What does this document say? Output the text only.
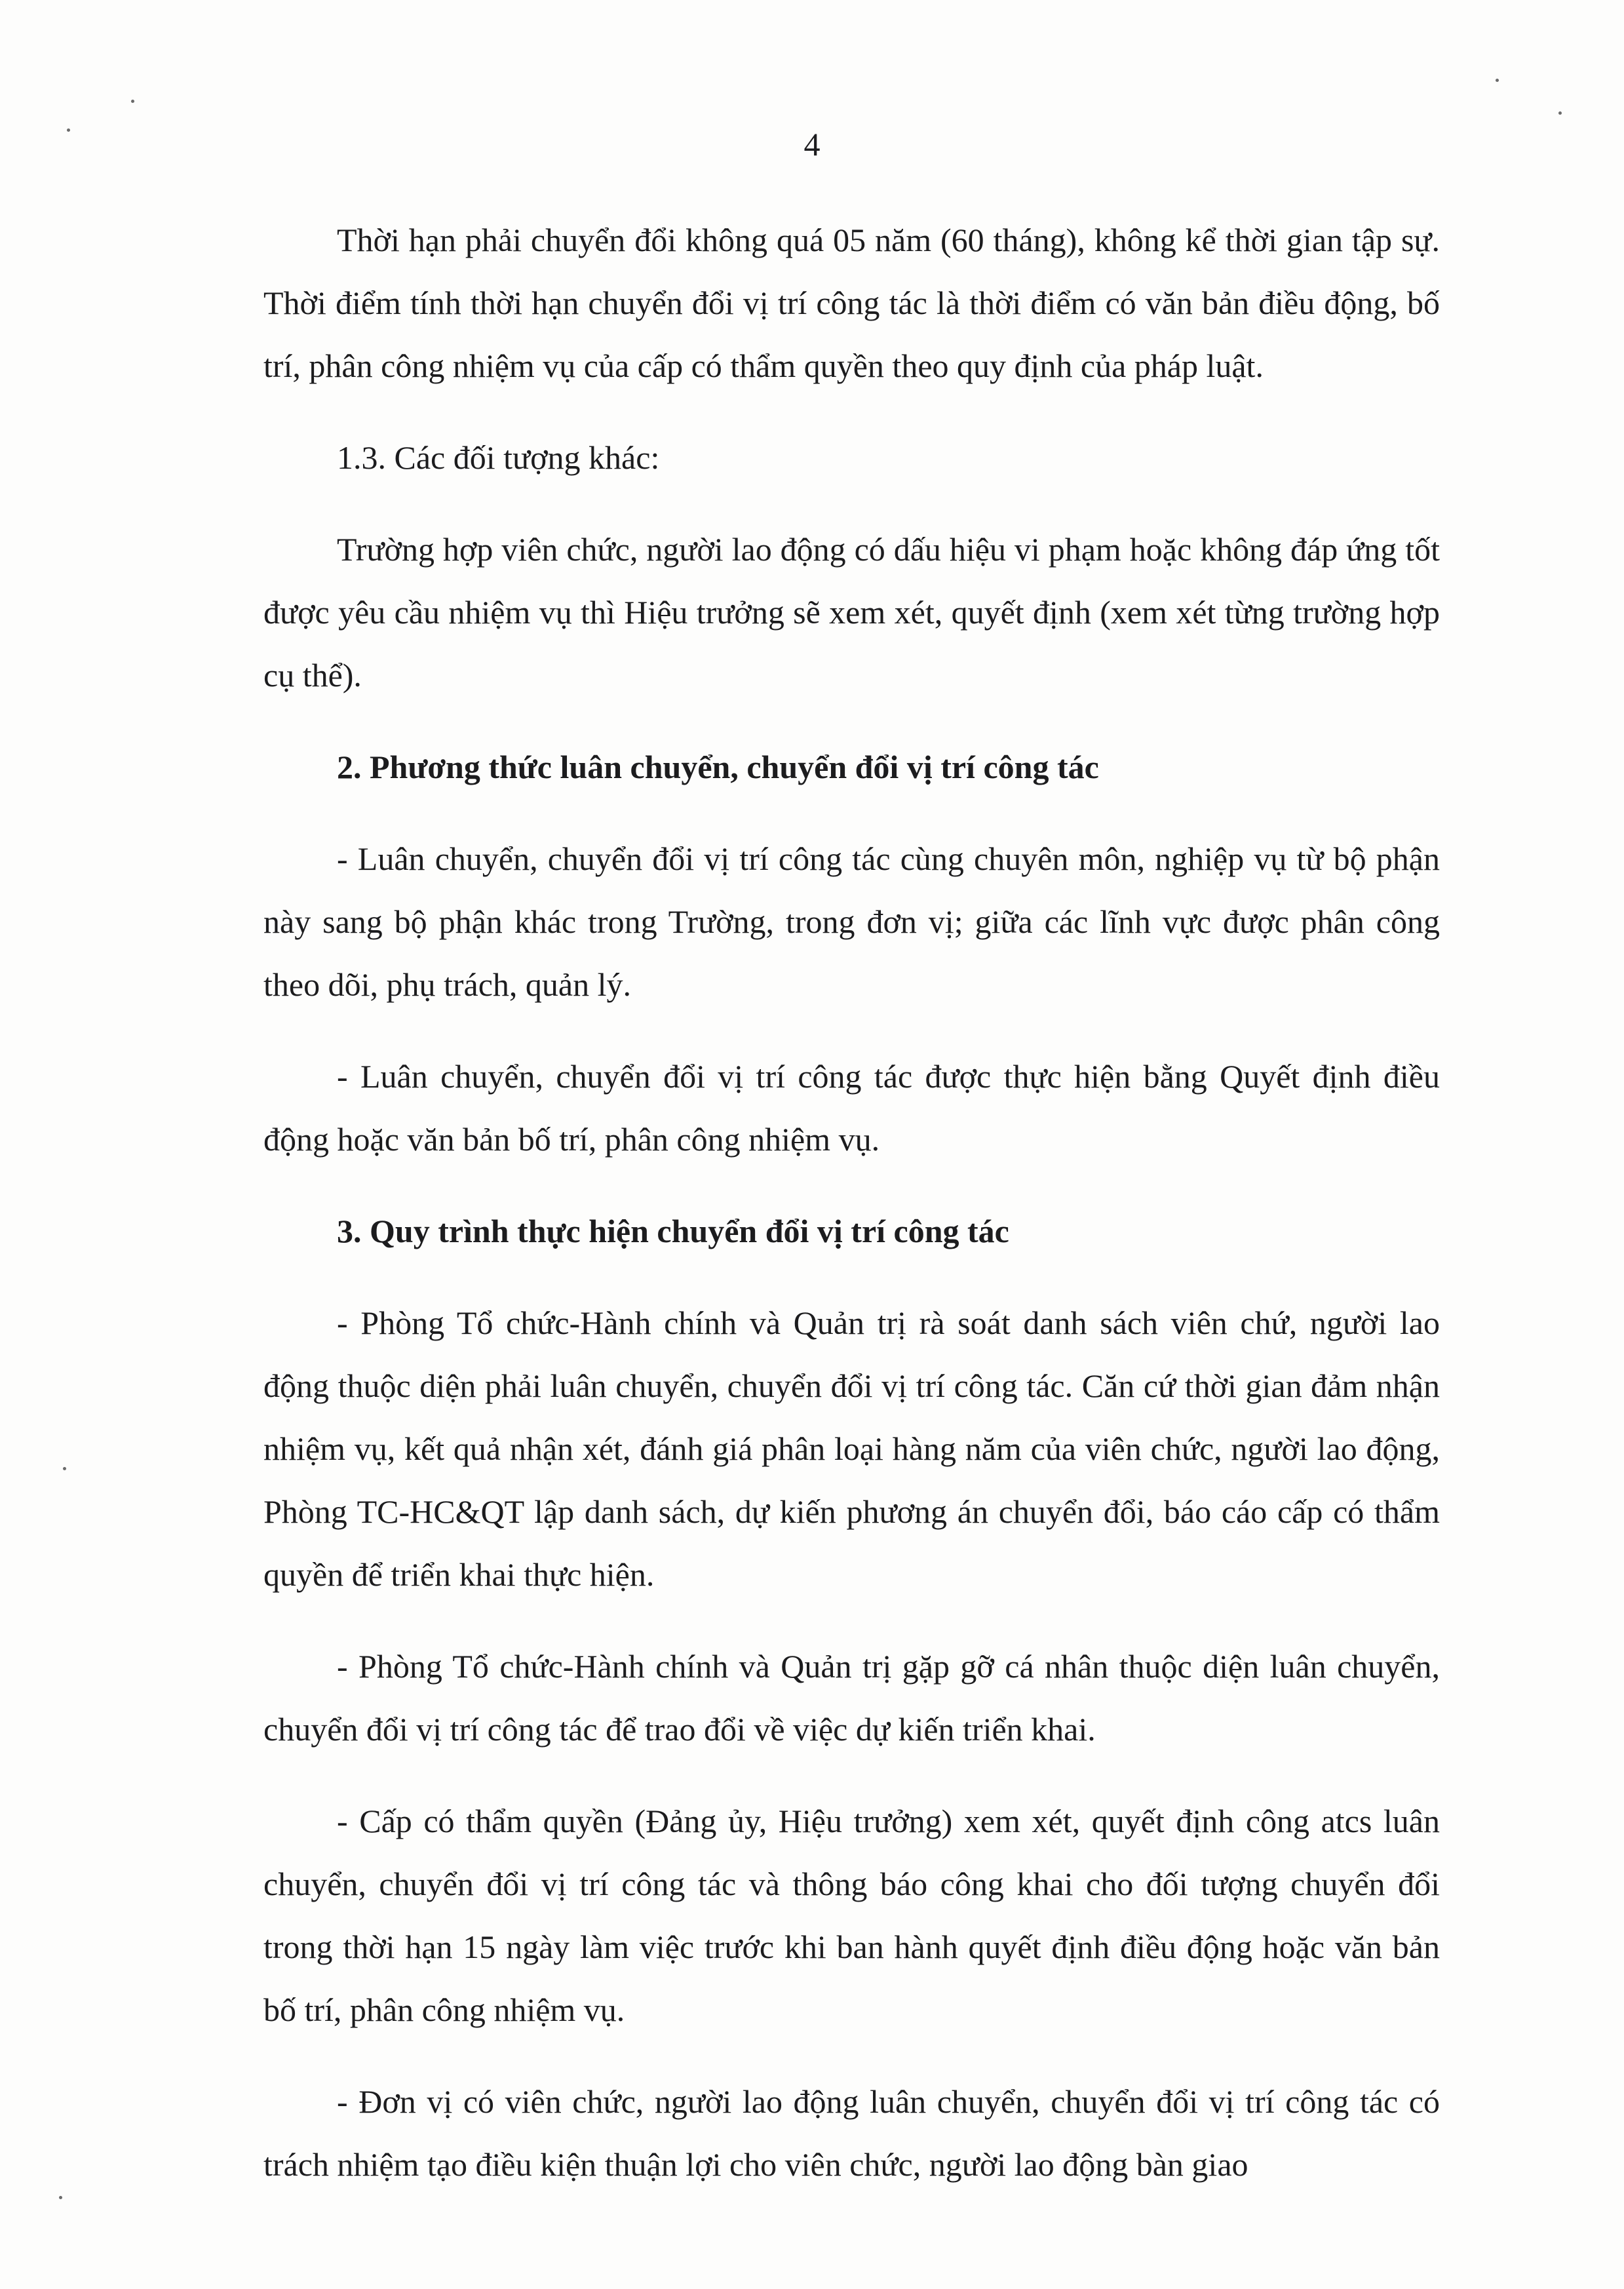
4

Thời hạn phải chuyển đổi không quá 05 năm (60 tháng), không kể thời gian tập sự. Thời điểm tính thời hạn chuyển đổi vị trí công tác là thời điểm có văn bản điều động, bố trí, phân công nhiệm vụ của cấp có thẩm quyền theo quy định của pháp luật.

1.3. Các đối tượng khác:

Trường hợp viên chức, người lao động có dấu hiệu vi phạm hoặc không đáp ứng tốt được yêu cầu nhiệm vụ thì Hiệu trưởng sẽ xem xét, quyết định (xem xét từng trường hợp cụ thể).

2. Phương thức luân chuyển, chuyển đổi vị trí công tác

- Luân chuyển, chuyển đổi vị trí công tác cùng chuyên môn, nghiệp vụ từ bộ phận này sang bộ phận khác trong Trường, trong đơn vị; giữa các lĩnh vực được phân công theo dõi, phụ trách, quản lý.

- Luân chuyển, chuyển đổi vị trí công tác được thực hiện bằng Quyết định điều động hoặc văn bản bố trí, phân công nhiệm vụ.

3. Quy trình thực hiện chuyển đổi vị trí công tác

- Phòng Tổ chức-Hành chính và Quản trị rà soát danh sách viên chứ, người lao động thuộc diện phải luân chuyển, chuyển đổi vị trí công tác. Căn cứ thời gian đảm nhận nhiệm vụ, kết quả nhận xét, đánh giá phân loại hàng năm của viên chức, người lao động, Phòng TC-HC&QT lập danh sách, dự kiến phương án chuyển đổi, báo cáo cấp có thẩm quyền để triển khai thực hiện.

- Phòng Tổ chức-Hành chính và Quản trị gặp gỡ cá nhân thuộc diện luân chuyển, chuyển đổi vị trí công tác để trao đổi về việc dự kiến triển khai.

- Cấp có thẩm quyền (Đảng ủy, Hiệu trưởng) xem xét, quyết định công atcs luân chuyển, chuyển đổi vị trí công tác và thông báo công khai cho đối tượng chuyển đổi trong thời hạn 15 ngày làm việc trước khi ban hành quyết định điều động hoặc văn bản bố trí, phân công nhiệm vụ.

- Đơn vị có viên chức, người lao động luân chuyển, chuyển đổi vị trí công tác có trách nhiệm tạo điều kiện thuận lợi cho viên chức, người lao động bàn giao
